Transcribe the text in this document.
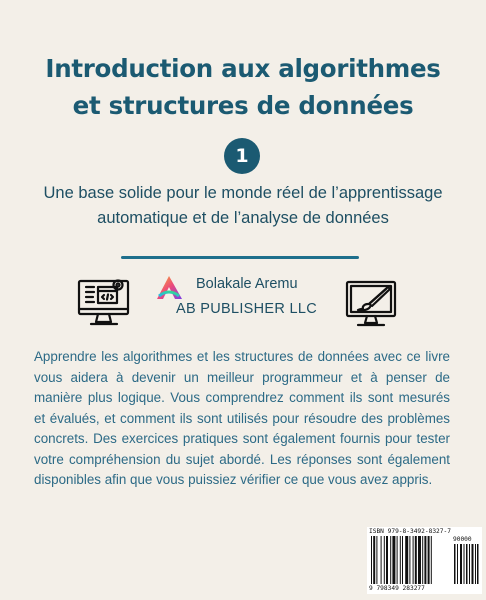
Introduction aux algorithmes
et structures de données
1
Une base solide pour le monde réel de l’apprentissage automatique et de l’analyse de données
Bolakale Aremu
AB PUBLISHER LLC
Apprendre les algorithmes et les structures de données avec ce livre vous aidera à devenir un meilleur programmeur et à penser de manière plus logique. Vous comprendrez comment ils sont mesurés et évalués, et comment ils sont utilisés pour résoudre des problèmes concrets. Des exercices pratiques sont également fournis pour tester votre compréhension du sujet abordé. Les réponses sont également disponibles afin que vous puissiez vérifier ce que vous avez appris.
ISBN 979-8-3492-8327-7
90000
9 798349 283277
